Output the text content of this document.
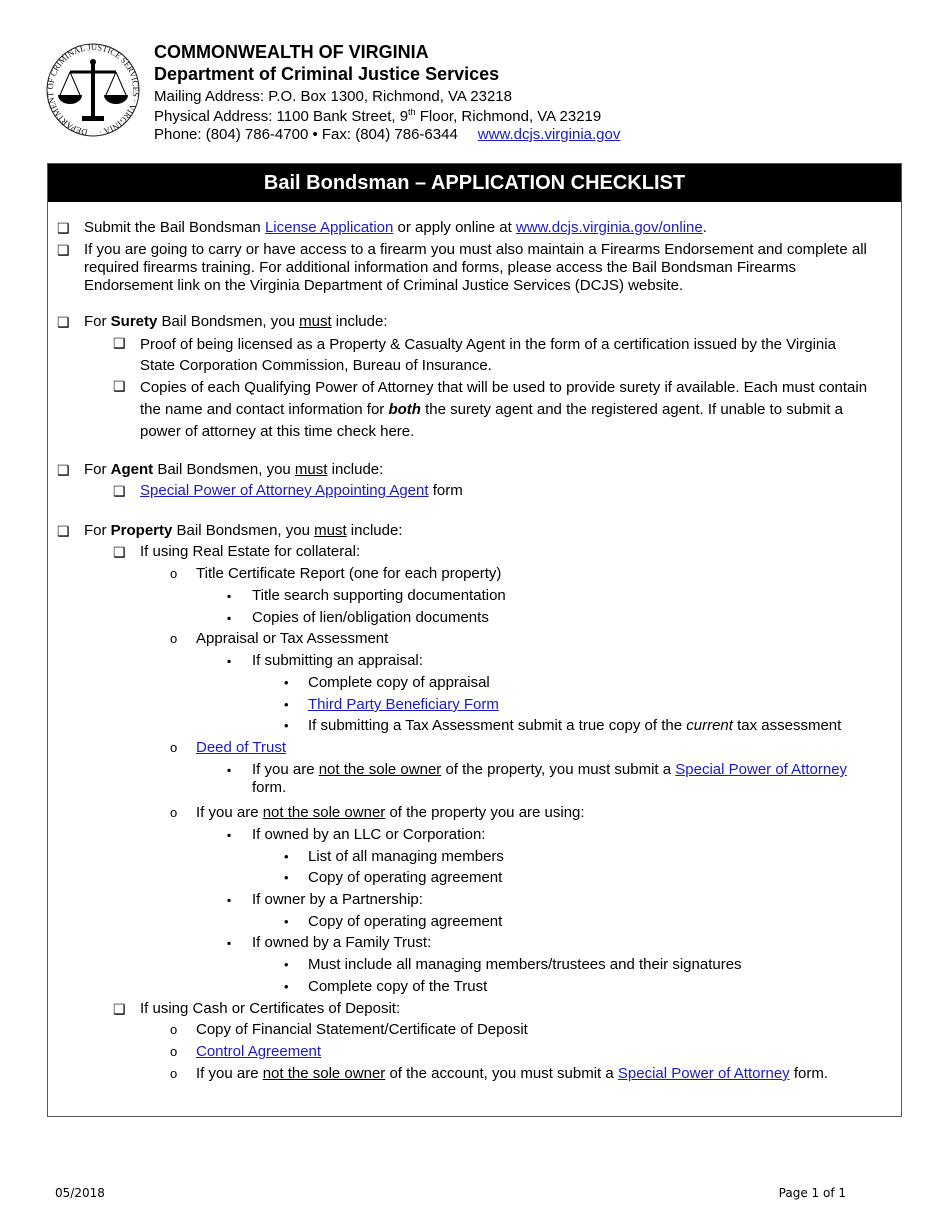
DEPARTMENT OF CRIMINAL JUSTICE SERVICES · VIRGINIA ·
COMMONWEALTH OF VIRGINIA
Department of Criminal Justice Services
Mailing Address: P.O. Box 1300, Richmond, VA 23218
Physical Address: 1100 Bank Street, 9th Floor, Richmond, VA 23219
Phone: (804) 786-4700 • Fax: (804) 786-6344 www.dcjs.virginia.gov
Bail Bondsman – APPLICATION CHECKLIST
❑ Submit the Bail Bondsman License Application or apply online at www.dcjs.virginia.gov/online.
❑ If you are going to carry or have access to a firearm you must also maintain a Firearms Endorsement and complete all required firearms training. For additional information and forms, please access the Bail Bondsman Firearms Endorsement link on the Virginia Department of Criminal Justice Services (DCJS) website.
❑ For Surety Bail Bondsmen, you must include:
❑ Proof of being licensed as a Property & Casualty Agent in the form of a certification issued by the Virginia State Corporation Commission, Bureau of Insurance.
❑ Copies of each Qualifying Power of Attorney that will be used to provide surety if available. Each must contain the name and contact information for both the surety agent and the registered agent. If unable to submit a power of attorney at this time check here.
❑ For Agent Bail Bondsmen, you must include:
❑ Special Power of Attorney Appointing Agent form
❑ For Property Bail Bondsmen, you must include:
❑ If using Real Estate for collateral:
o Title Certificate Report (one for each property)
▪ Title search supporting documentation
▪ Copies of lien/obligation documents
o Appraisal or Tax Assessment
▪ If submitting an appraisal:
• Complete copy of appraisal
• Third Party Beneficiary Form
• If submitting a Tax Assessment submit a true copy of the current tax assessment
o Deed of Trust
▪ If you are not the sole owner of the property, you must submit a Special Power of Attorney form.
o If you are not the sole owner of the property you are using:
▪ If owned by an LLC or Corporation:
• List of all managing members
• Copy of operating agreement
▪ If owner by a Partnership:
• Copy of operating agreement
▪ If owned by a Family Trust:
• Must include all managing members/trustees and their signatures
• Complete copy of the Trust
❑ If using Cash or Certificates of Deposit:
o Copy of Financial Statement/Certificate of Deposit
o Control Agreement
o If you are not the sole owner of the account, you must submit a Special Power of Attorney form.
05/2018	Page 1 of 1
